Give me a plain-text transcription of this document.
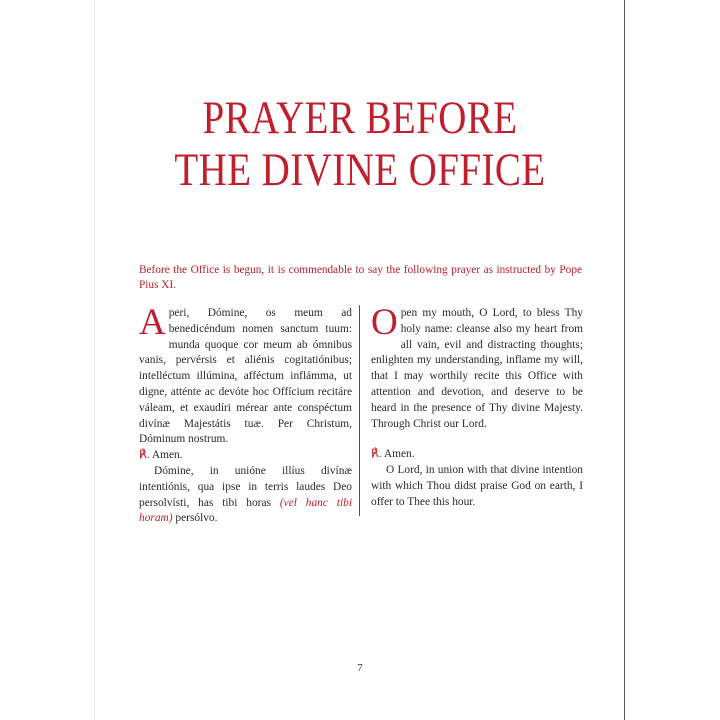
PRAYER BEFORE
THE DIVINE OFFICE
Before the Office is begun, it is commendable to say the following prayer as instructed by Pope Pius XI.

Aperi, Dómine, os meum ad benedicéndum nomen sanctum tuum: munda quoque cor meum ab ómnibus vanis, pervérsis et aliénis cogitatiónibus; intelléctum illúmina, afféctum inflámma, ut digne, atténte ac devóte hoc Offícium recitáre váleam, et exaudíri mérear ante conspéctum divínæ Majestátis tuæ. Per Christum, Dóminum nostrum.

℟. Amen.

Dómine, in unióne illíus divínæ intentiónis, qua ipse in terris laudes Deo persolvísti, has tibi horas (vel hanc tibi horam) persólvo.

Open my mouth, O Lord, to bless Thy holy name: cleanse also my heart from all vain, evil and distracting thoughts; enlighten my understanding, inflame my will, that I may worthily recite this Office with attention and devotion, and deserve to be heard in the presence of Thy divine Majesty. Through Christ our Lord.

℟. Amen.

O Lord, in union with that divine intention with which Thou didst praise God on earth, I offer to Thee this hour.

7
